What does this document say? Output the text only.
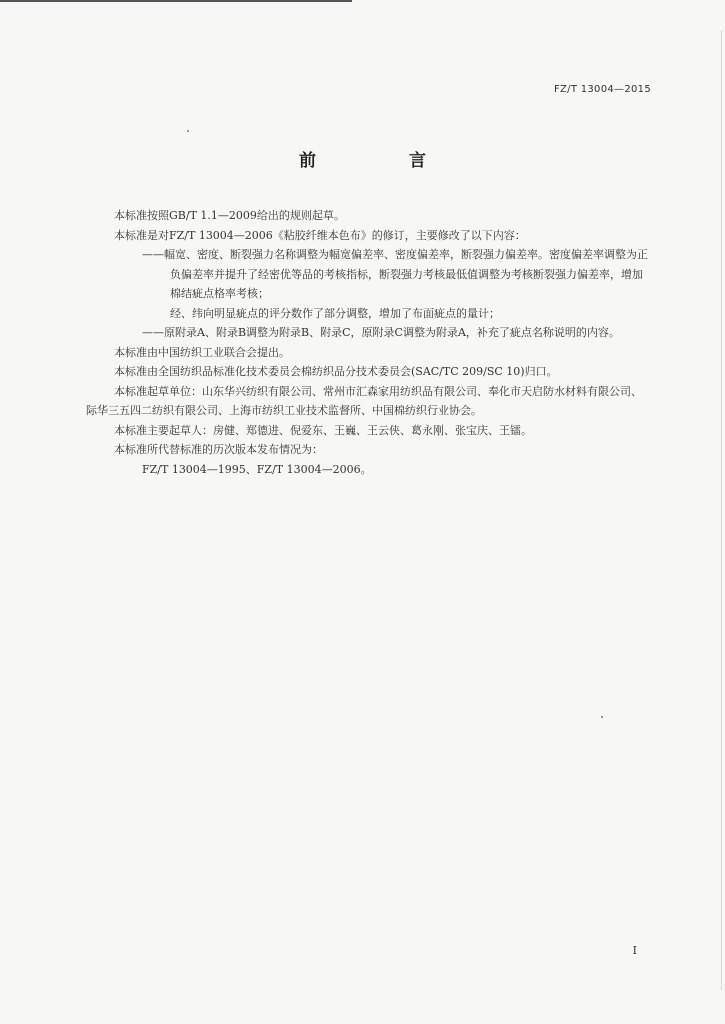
FZ/T 13004—2015
前　言

本标准按照GB/T 1.1—2009给出的规则起草。

本标准是对FZ/T 13004—2006《粘胶纤维本色布》的修订，主要修改了以下内容：

——幅宽、密度、断裂强力名称调整为幅宽偏差率、密度偏差率，断裂强力偏差率。密度偏差率调整为正负偏差率并提升了经密优等品的考核指标，断裂强力考核最低值调整为考核断裂强力偏差率，增加棉结疵点格率考核；

经、纬向明显疵点的评分数作了部分调整，增加了布面疵点的量计；

——原附录A、附录B调整为附录B、附录C，原附录C调整为附录A，补充了疵点名称说明的内容。

本标准由中国纺织工业联合会提出。

本标准由全国纺织品标准化技术委员会棉纺织品分技术委员会(SAC/TC 209/SC 10)归口。

本标准起草单位：山东华兴纺织有限公司、常州市汇森家用纺织品有限公司、奉化市天启防水材料有限公司、际华三五四二纺织有限公司、上海市纺织工业技术监督所、中国棉纺织行业协会。

本标准主要起草人：房健、郑德进、倪爱东、王巍、王云侠、葛永刚、张宝庆、王镭。

本标准所代替标准的历次版本发布情况为：

FZ/T 13004—1995、FZ/T 13004—2006。

I
